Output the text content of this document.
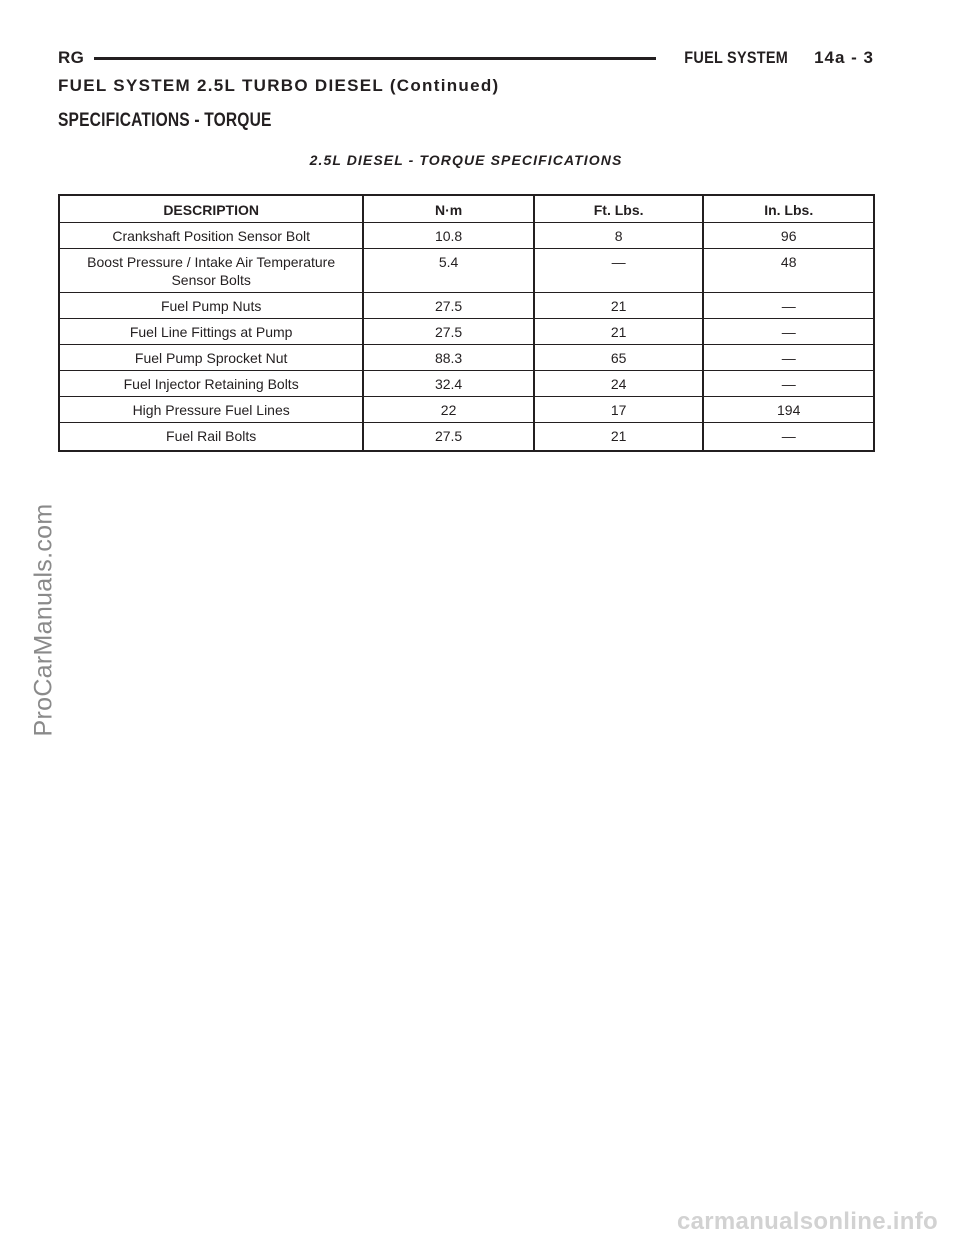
RG	FUEL SYSTEM 14a - 3
FUEL SYSTEM 2.5L TURBO DIESEL (Continued)
SPECIFICATIONS - TORQUE
2.5L DIESEL - TORQUE SPECIFICATIONS
DESCRIPTION	N·m	Ft. Lbs.	In. Lbs.
Crankshaft Position Sensor Bolt	10.8	8	96
Boost Pressure / Intake Air Temperature Sensor Bolts	5.4	—	48
Fuel Pump Nuts	27.5	21	—
Fuel Line Fittings at Pump	27.5	21	—
Fuel Pump Sprocket Nut	88.3	65	—
Fuel Injector Retaining Bolts	32.4	24	—
High Pressure Fuel Lines	22	17	194
Fuel Rail Bolts	27.5	21	—
ProCarManuals.com
carmanualsonline.info
